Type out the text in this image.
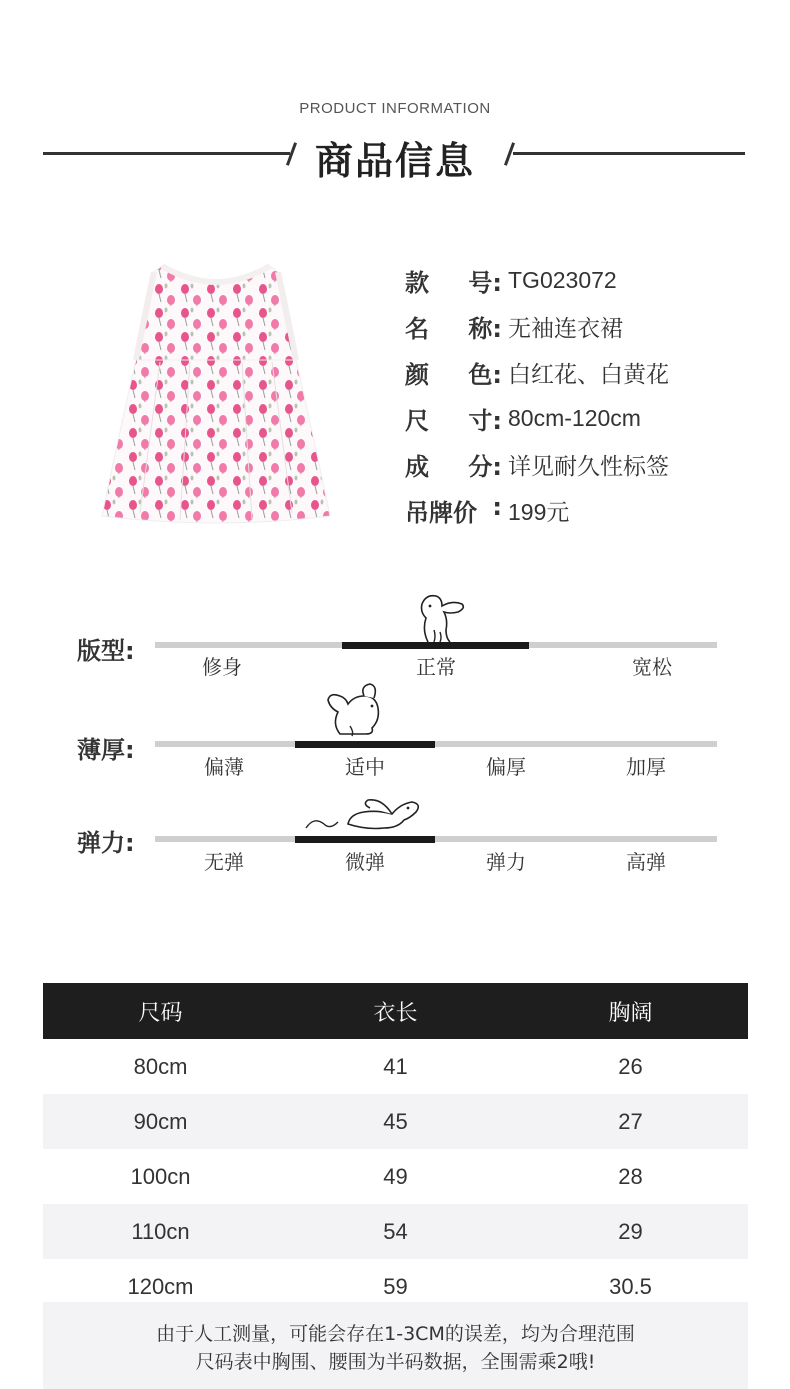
PRODUCT INFORMATION
商品信息
款 号: TG023072
名 称: 无袖连衣裙
颜 色: 白红花、白黄花
尺 寸: 80cm-120cm
成 分: 详见耐久性标签
吊牌价 : 199元
版型:
修身	正常	宽松
薄厚:
偏薄	适中	偏厚	加厚
弹力:
无弹	微弹	弹力	高弹
尺码	衣长	胸阔
80cm	41	26
90cm	45	27
100cn	49	28
110cn	54	29
120cm	59	30.5
由于人工测量，可能会存在1-3CM的误差，均为合理范围
尺码表中胸围、腰围为半码数据，全围需乘2哦!
